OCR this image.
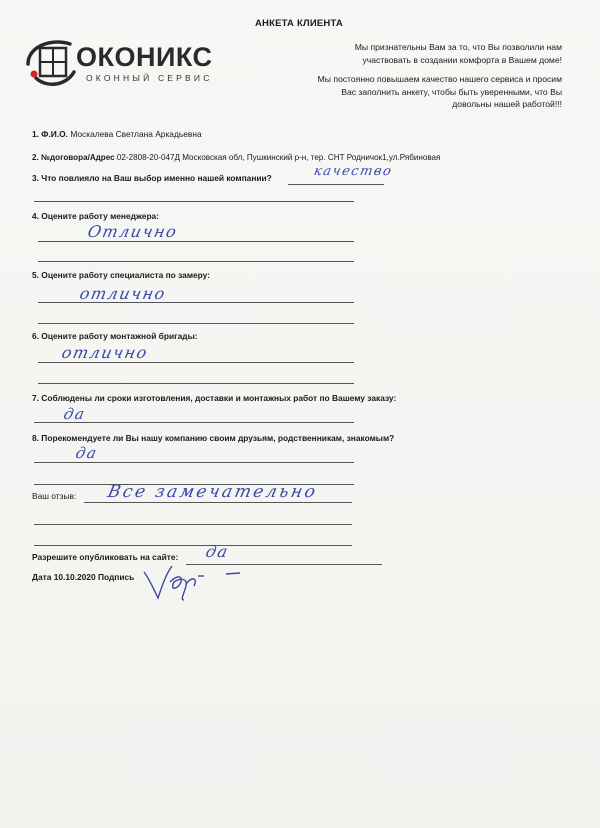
АНКЕТА КЛИЕНТА
ОКОНИКС
ОКОННЫЙ СЕРВИС
Мы признательны Вам за то, что Вы позволили нам
участвовать в создании комфорта в Вашем доме!
Мы постоянно повышаем качество нашего сервиса и просим
Вас заполнить анкету, чтобы быть уверенными, что Вы
довольны нашей работой!!!
1. Ф.И.О. Москалева Светлана Аркадьевна
2. №договора/Адрес 02-2808-20-047Д Московская обл, Пушкинский р-н, тер. СНТ Родничок1,ул.Рябиновая
3. Что повлияло на Ваш выбор именно нашей компании?	качество
4. Оцените работу менеджера:
Отлично
5. Оцените работу специалиста по замеру:
отлично
6. Оцените работу монтажной бригады:
отлично
7. Соблюдены ли сроки изготовления, доставки и монтажных работ по Вашему заказу:
да
8. Порекомендуете ли Вы нашу компанию своим друзьям, родственникам, знакомым?
да
Ваш отзыв: Все замечательно
Разрешите опубликовать на сайте: да
Дата 10.10.2020 Подпись
